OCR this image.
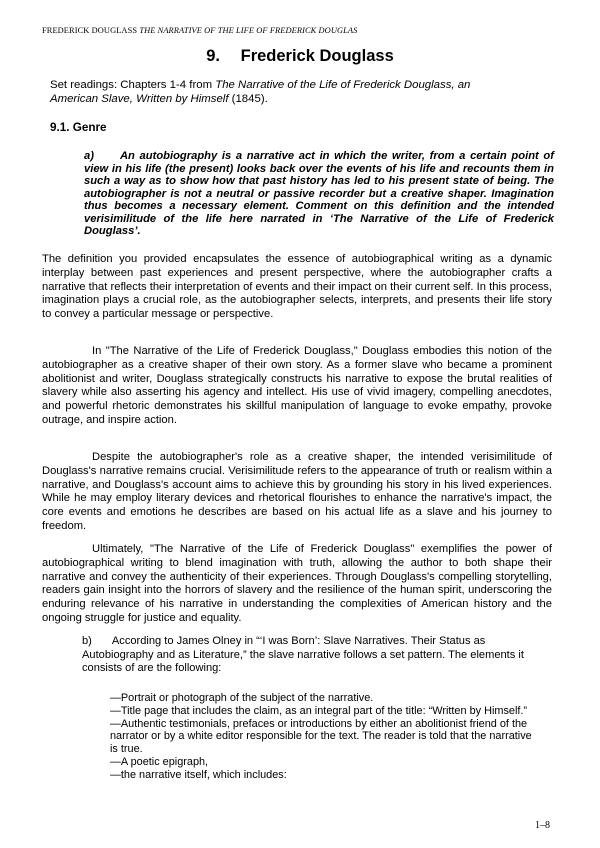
FREDERICK DOUGLASS THE NARRATIVE OF THE LIFE OF FREDERICK DOUGLAS
9. Frederick Douglass
Set readings: Chapters 1-4 from The Narrative of the Life of Frederick Douglass, an American Slave, Written by Himself (1845).
9.1. Genre
a) An autobiography is a narrative act in which the writer, from a certain point of view in his life (the present) looks back over the events of his life and recounts them in such a way as to show how that past history has led to his present state of being. The autobiographer is not a neutral or passive recorder but a creative shaper. Imagination thus becomes a necessary element. Comment on this definition and the intended verisimilitude of the life here narrated in ‘The Narrative of the Life of Frederick Douglass’.

The definition you provided encapsulates the essence of autobiographical writing as a dynamic interplay between past experiences and present perspective, where the autobiographer crafts a narrative that reflects their interpretation of events and their impact on their current self. In this process, imagination plays a crucial role, as the autobiographer selects, interprets, and presents their life story to convey a particular message or perspective.

In "The Narrative of the Life of Frederick Douglass," Douglass embodies this notion of the autobiographer as a creative shaper of their own story. As a former slave who became a prominent abolitionist and writer, Douglass strategically constructs his narrative to expose the brutal realities of slavery while also asserting his agency and intellect. His use of vivid imagery, compelling anecdotes, and powerful rhetoric demonstrates his skillful manipulation of language to evoke empathy, provoke outrage, and inspire action.

Despite the autobiographer's role as a creative shaper, the intended verisimilitude of Douglass's narrative remains crucial. Verisimilitude refers to the appearance of truth or realism within a narrative, and Douglass's account aims to achieve this by grounding his story in his lived experiences. While he may employ literary devices and rhetorical flourishes to enhance the narrative's impact, the core events and emotions he describes are based on his actual life as a slave and his journey to freedom.

Ultimately, "The Narrative of the Life of Frederick Douglass" exemplifies the power of autobiographical writing to blend imagination with truth, allowing the author to both shape their narrative and convey the authenticity of their experiences. Through Douglass's compelling storytelling, readers gain insight into the horrors of slavery and the resilience of the human spirit, underscoring the enduring relevance of his narrative in understanding the complexities of American history and the ongoing struggle for justice and equality.

b) According to James Olney in “‘I was Born’: Slave Narratives. Their Status as Autobiography and as Literature,” the slave narrative follows a set pattern. The elements it consists of are the following:

—Portrait or photograph of the subject of the narrative.

—Title page that includes the claim, as an integral part of the title: “Written by Himself.”

—Authentic testimonials, prefaces or introductions by either an abolitionist friend of the narrator or by a white editor responsible for the text. The reader is told that the narrative is true.

—A poetic epigraph,

—the narrative itself, which includes:

1–8
